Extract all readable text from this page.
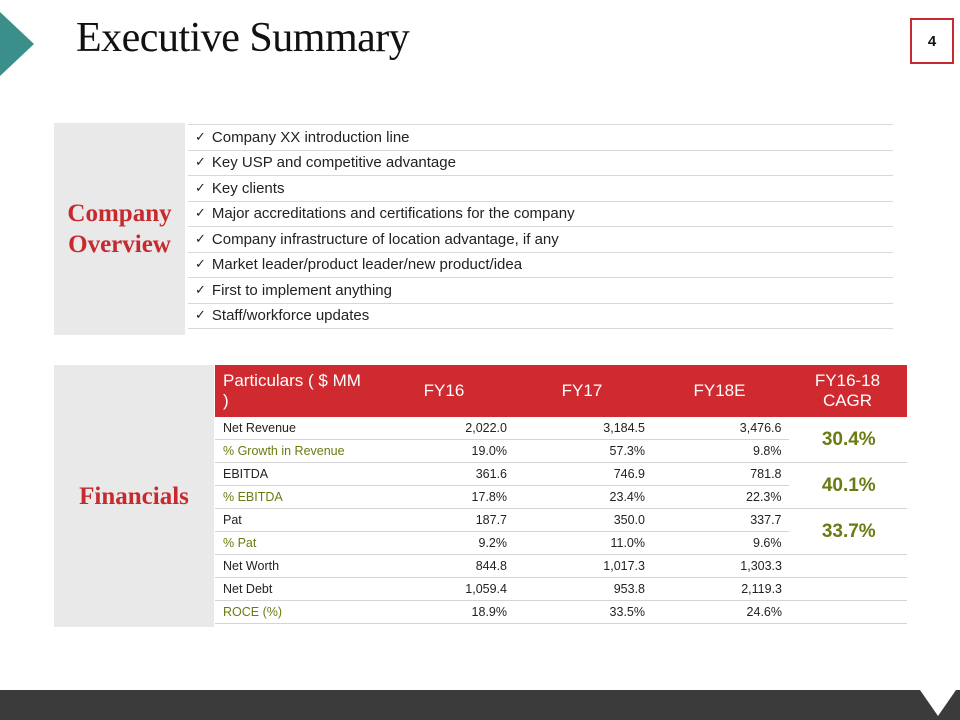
Executive Summary	4
Company
Overview
✓ Company XX introduction line
✓ Key USP and competitive advantage
✓ Key clients
✓ Major accreditations and certifications for the company
✓ Company infrastructure of location advantage, if any
✓ Market leader/product leader/new product/idea
✓ First to implement anything
✓ Staff/workforce updates
Financials
Particulars ( $ MM )	FY16	FY17	FY18E	FY16-18 CAGR
Net Revenue	2,022.0	3,184.5	3,476.6	30.4%
% Growth in Revenue	19.0%	57.3%	9.8%	
EBITDA	361.6	746.9	781.8	40.1%
% EBITDA	17.8%	23.4%	22.3%	
Pat	187.7	350.0	337.7	33.7%
% Pat	9.2%	11.0%	9.6%	
Net Worth	844.8	1,017.3	1,303.3	
Net Debt	1,059.4	953.8	2,119.3	
ROCE (%)	18.9%	33.5%	24.6%	
